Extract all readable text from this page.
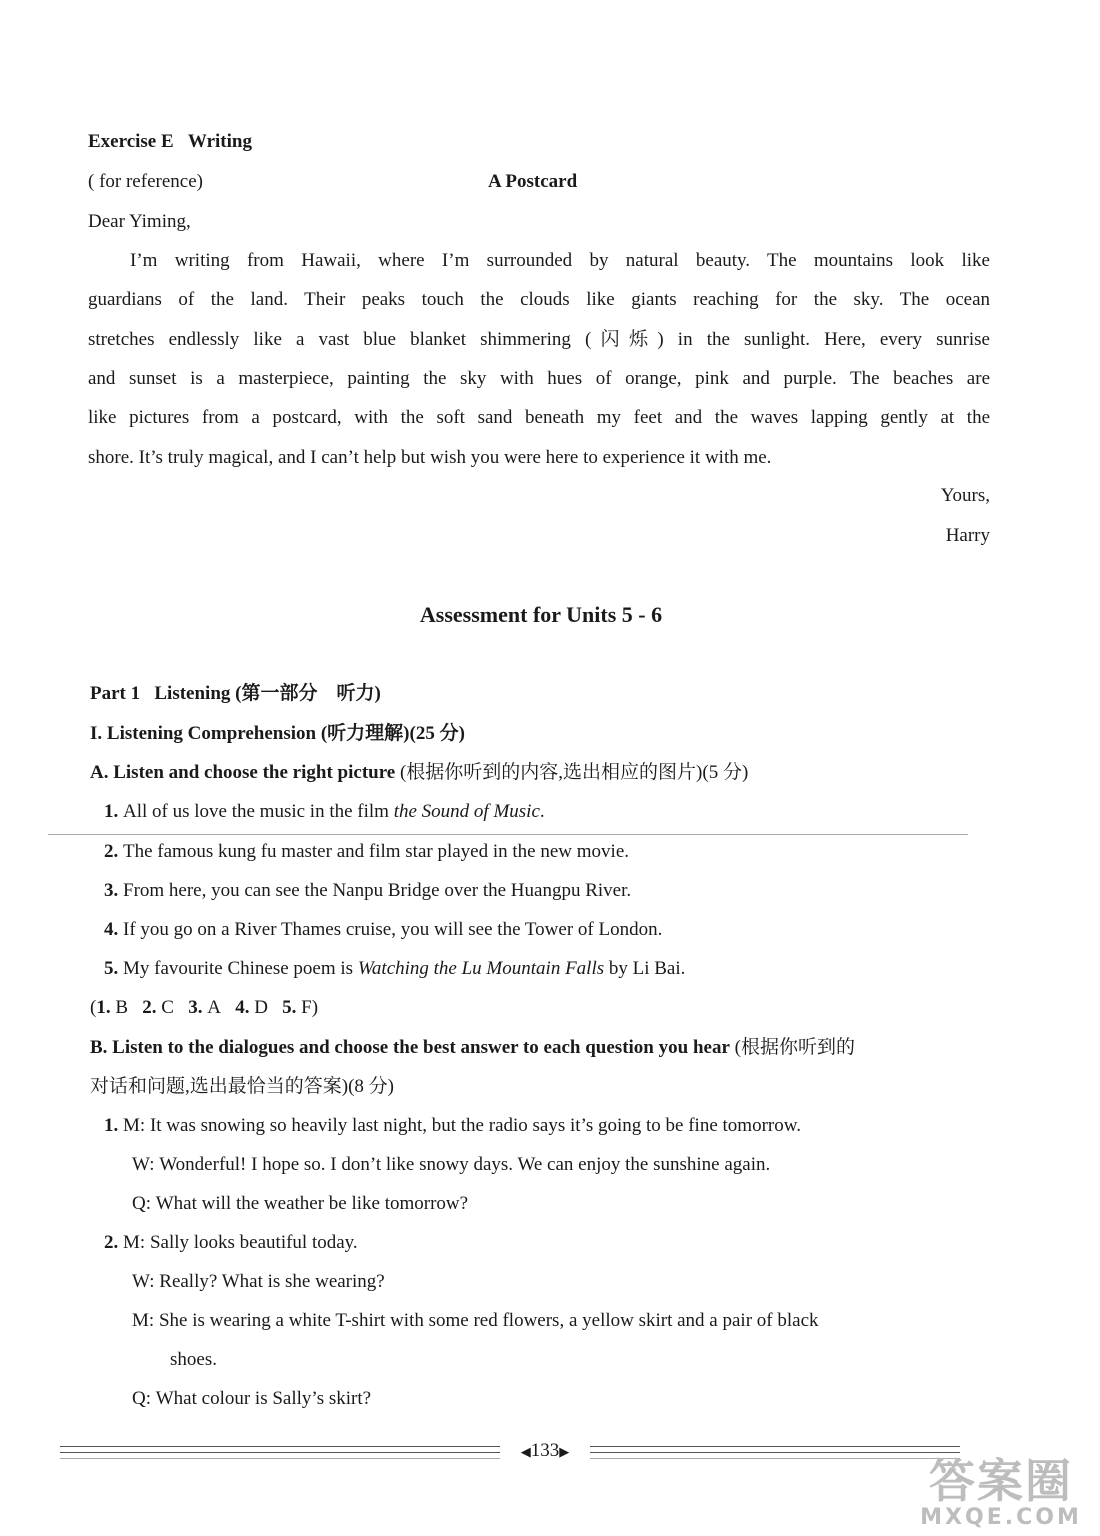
Exercise E Writing
( for reference)	A Postcard
Dear Yiming,
I’m writing from Hawaii, where I’m surrounded by natural beauty. The mountains look like
guardians of the land. Their peaks touch the clouds like giants reaching for the sky. The ocean
stretches endlessly like a vast blue blanket shimmering (闪烁) in the sunlight. Here, every sunrise
and sunset is a masterpiece, painting the sky with hues of orange, pink and purple. The beaches are
like pictures from a postcard, with the soft sand beneath my feet and the waves lapping gently at the
shore. It’s truly magical, and I can’t help but wish you were here to experience it with me.
Yours,
Harry
Assessment for Units 5 - 6
Part 1 Listening (第一部分　听力)
I. Listening Comprehension (听力理解)(25 分)
A. Listen and choose the right picture (根据你听到的内容,选出相应的图片)(5 分)
1. All of us love the music in the film the Sound of Music.
2. The famous kung fu master and film star played in the new movie.
3. From here, you can see the Nanpu Bridge over the Huangpu River.
4. If you go on a River Thames cruise, you will see the Tower of London.
5. My favourite Chinese poem is Watching the Lu Mountain Falls by Li Bai.
(1. B 2. C 3. A 4. D 5. F)
B. Listen to the dialogues and choose the best answer to each question you hear (根据你听到的
对话和问题,选出最恰当的答案)(8 分)
1. M: It was snowing so heavily last night, but the radio says it’s going to be fine tomorrow.
W: Wonderful! I hope so. I don’t like snowy days. We can enjoy the sunshine again.
Q: What will the weather be like tomorrow?
2. M: Sally looks beautiful today.
W: Really? What is she wearing?
M: She is wearing a white T-shirt with some red flowers, a yellow skirt and a pair of black
shoes.
Q: What colour is Sally’s skirt?
◀133▶
答案圈
MXQE.COM
